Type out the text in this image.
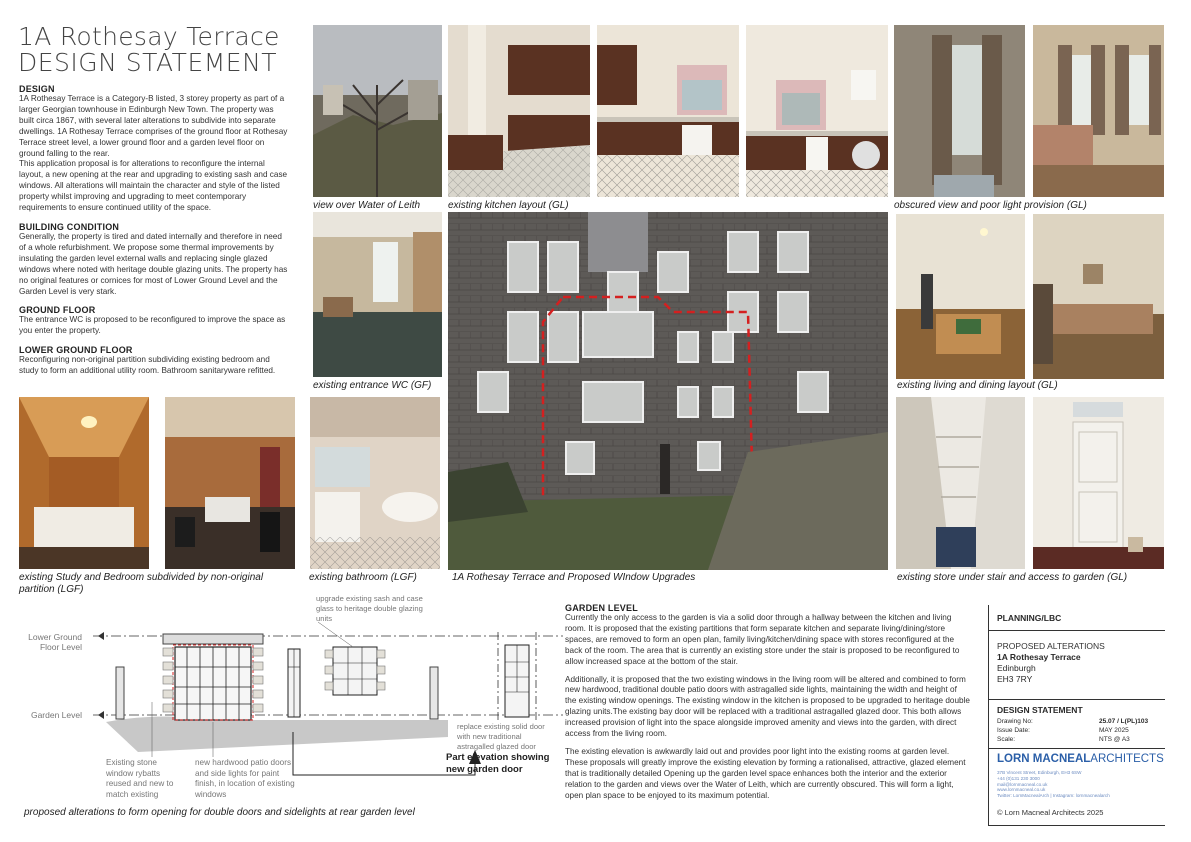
1A Rothesay Terrace
DESIGN STATEMENT
DESIGN

1A Rothesay Terrace is a Category-B listed, 3 storey property as part of a larger Georgian townhouse in Edinburgh New Town. The property was built circa 1867, with several later alterations to subdivide into separate dwellings. 1A Rothesay Terrace comprises of the ground floor at Rothesay Terrace street level, a lower ground floor and a garden level floor on ground falling to the rear.
This application proposal is for alterations to reconfigure the internal layout, a new opening at the rear and upgrading to existing sash and case windows. All alterations will maintain the character and style of the listed property whilst improving and upgrading to meet contemporary requirements to ensure continued utility of the space.

BUILDING CONDITION

Generally, the property is tired and dated internally and therefore in need of a whole refurbishment. We propose some thermal improvements by insulating the garden level external walls and replacing single glazed windows where noted with heritage double glazing units. The property has no original features or cornices for most of Lower Ground Level and the Garden Level is very stark.

GROUND FLOOR

The entrance WC is proposed to be reconfigured to improve the space as you enter the property.

LOWER GROUND FLOOR

Reconfiguring non-original partition subdividing existing bedroom and study to form an additional utility room. Bathroom sanitaryware refitted.

view over Water of Leith	existing kitchen layout (GL)	obscured view and poor light provision (GL)
existing entrance WC (GF)
1A Rothesay Terrace and Proposed WIndow Upgrades
existing living and dining layout (GL)
existing Study and Bedroom subdivided by non-original partition (LGF)
existing bathroom (LGF)	existing store under stair and access to garden (GL)
Lower Ground
Floor Level
Garden Level
upgrade existing sash and case glass to heritage double glazing units
Existing stone window rybatts reused and new to match existing
new hardwood patio doors and side lights for paint finish, in location of existing windows
replace existing solid door with new traditional astragalled glazed door
Part elevation showing new garden door
proposed alterations to form opening for double doors and sidelights at rear garden level
GARDEN LEVEL

Currently the only access to the garden is via a solid door through a hallway between the kitchen and living room. It is proposed that the existing partitions that form separate kitchen and separate living/dining/store spaces, are removed to form an open plan, family living/kitchen/dining space with stores reconfigured at the back of the room. The area that is currently an existing store under the stair is proposed to be reconfigured to allow increased space at the bottom of the stair.

Additionally, it is proposed that the two existing windows in the living room will be altered and combined to form new hardwood, traditional double patio doors with astragalled side lights, maintaining the width and height of the existing window openings. The existing window in the kitchen is proposed to be upgraded to heritage double glazing units.The existing bay door will be replaced with a traditional astragalled glazed door. This both allows increased provision of light into the space alongside improved amenity and views into the garden, with direct access from the living room.

The existing elevation is awkwardly laid out and provides poor light into the existing rooms at garden level. These proposals will greatly improve the existing elevation by forming a rationalised, attractive, glazed element that is traditionally detailed Opening up the garden level space enhances both the interior and the exterior relation to the garden and views over the Water of Leith, which are currently obscured. This will form a light, open plan space to be enjoyed to its maximum potential.

PLANNING/LBC
PROPOSED ALTERATIONS
1A Rothesay Terrace
Edinburgh
EH3 7RY
DESIGN STATEMENT
Drawing No:	25.07 / L(PL)103
Issue Date:	MAY 2025
Scale:	NTS @ A3
LORN MACNEALARCHITECTS
37B Vincent Street, Edinburgh, EH3 6SW
+44 (0)131 230 3000
mail@lornmacneal.co.uk
www.lornmacneal.co.uk
Twitter: LornMacnealArch | Instagram: lornmacnealarch
© Lorn Macneal Architects 2025
